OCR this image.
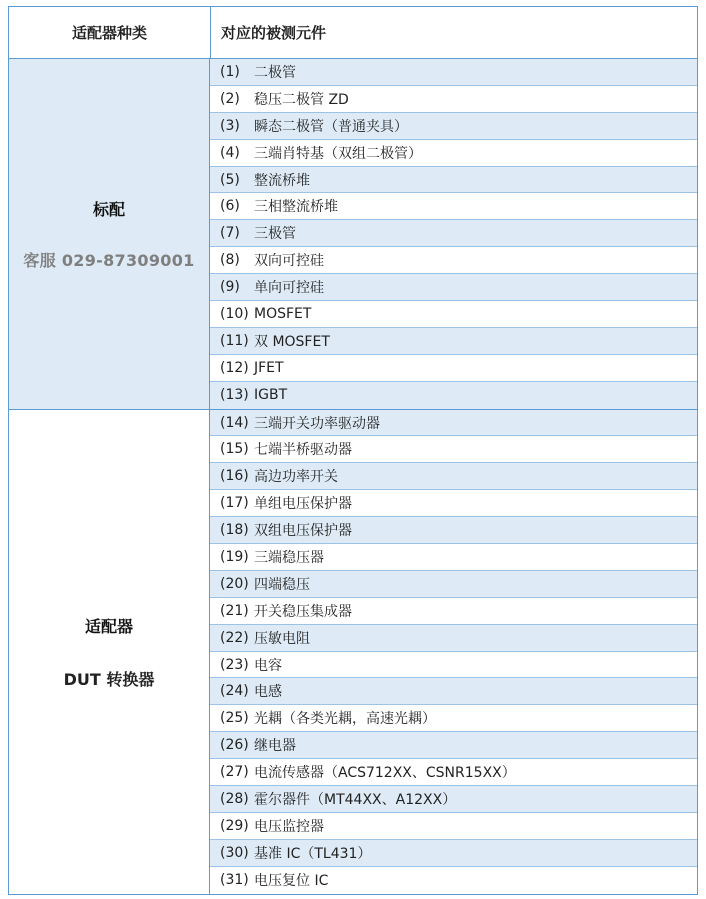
适配器种类	对应的被测元件
标配
客服 029-87309001
(1)	二极管
(2)	稳压二极管 ZD
(3)	瞬态二极管（普通夹具）
(4)	三端肖特基（双组二极管）
(5)	整流桥堆
(6)	三相整流桥堆
(7)	三极管
(8)	双向可控硅
(9)	单向可控硅
(10) MOSFET
(11) 双 MOSFET
(12) JFET
(13) IGBT
适配器
DUT 转换器
(14) 三端开关功率驱动器
(15) 七端半桥驱动器
(16) 高边功率开关
(17) 单组电压保护器
(18) 双组电压保护器
(19) 三端稳压器
(20) 四端稳压
(21) 开关稳压集成器
(22) 压敏电阻
(23) 电容
(24) 电感
(25) 光耦（各类光耦，高速光耦）
(26) 继电器
(27) 电流传感器（ACS712XX、CSNR15XX）
(28) 霍尔器件（MT44XX、A12XX）
(29) 电压监控器
(30) 基准 IC（TL431）
(31) 电压复位 IC
